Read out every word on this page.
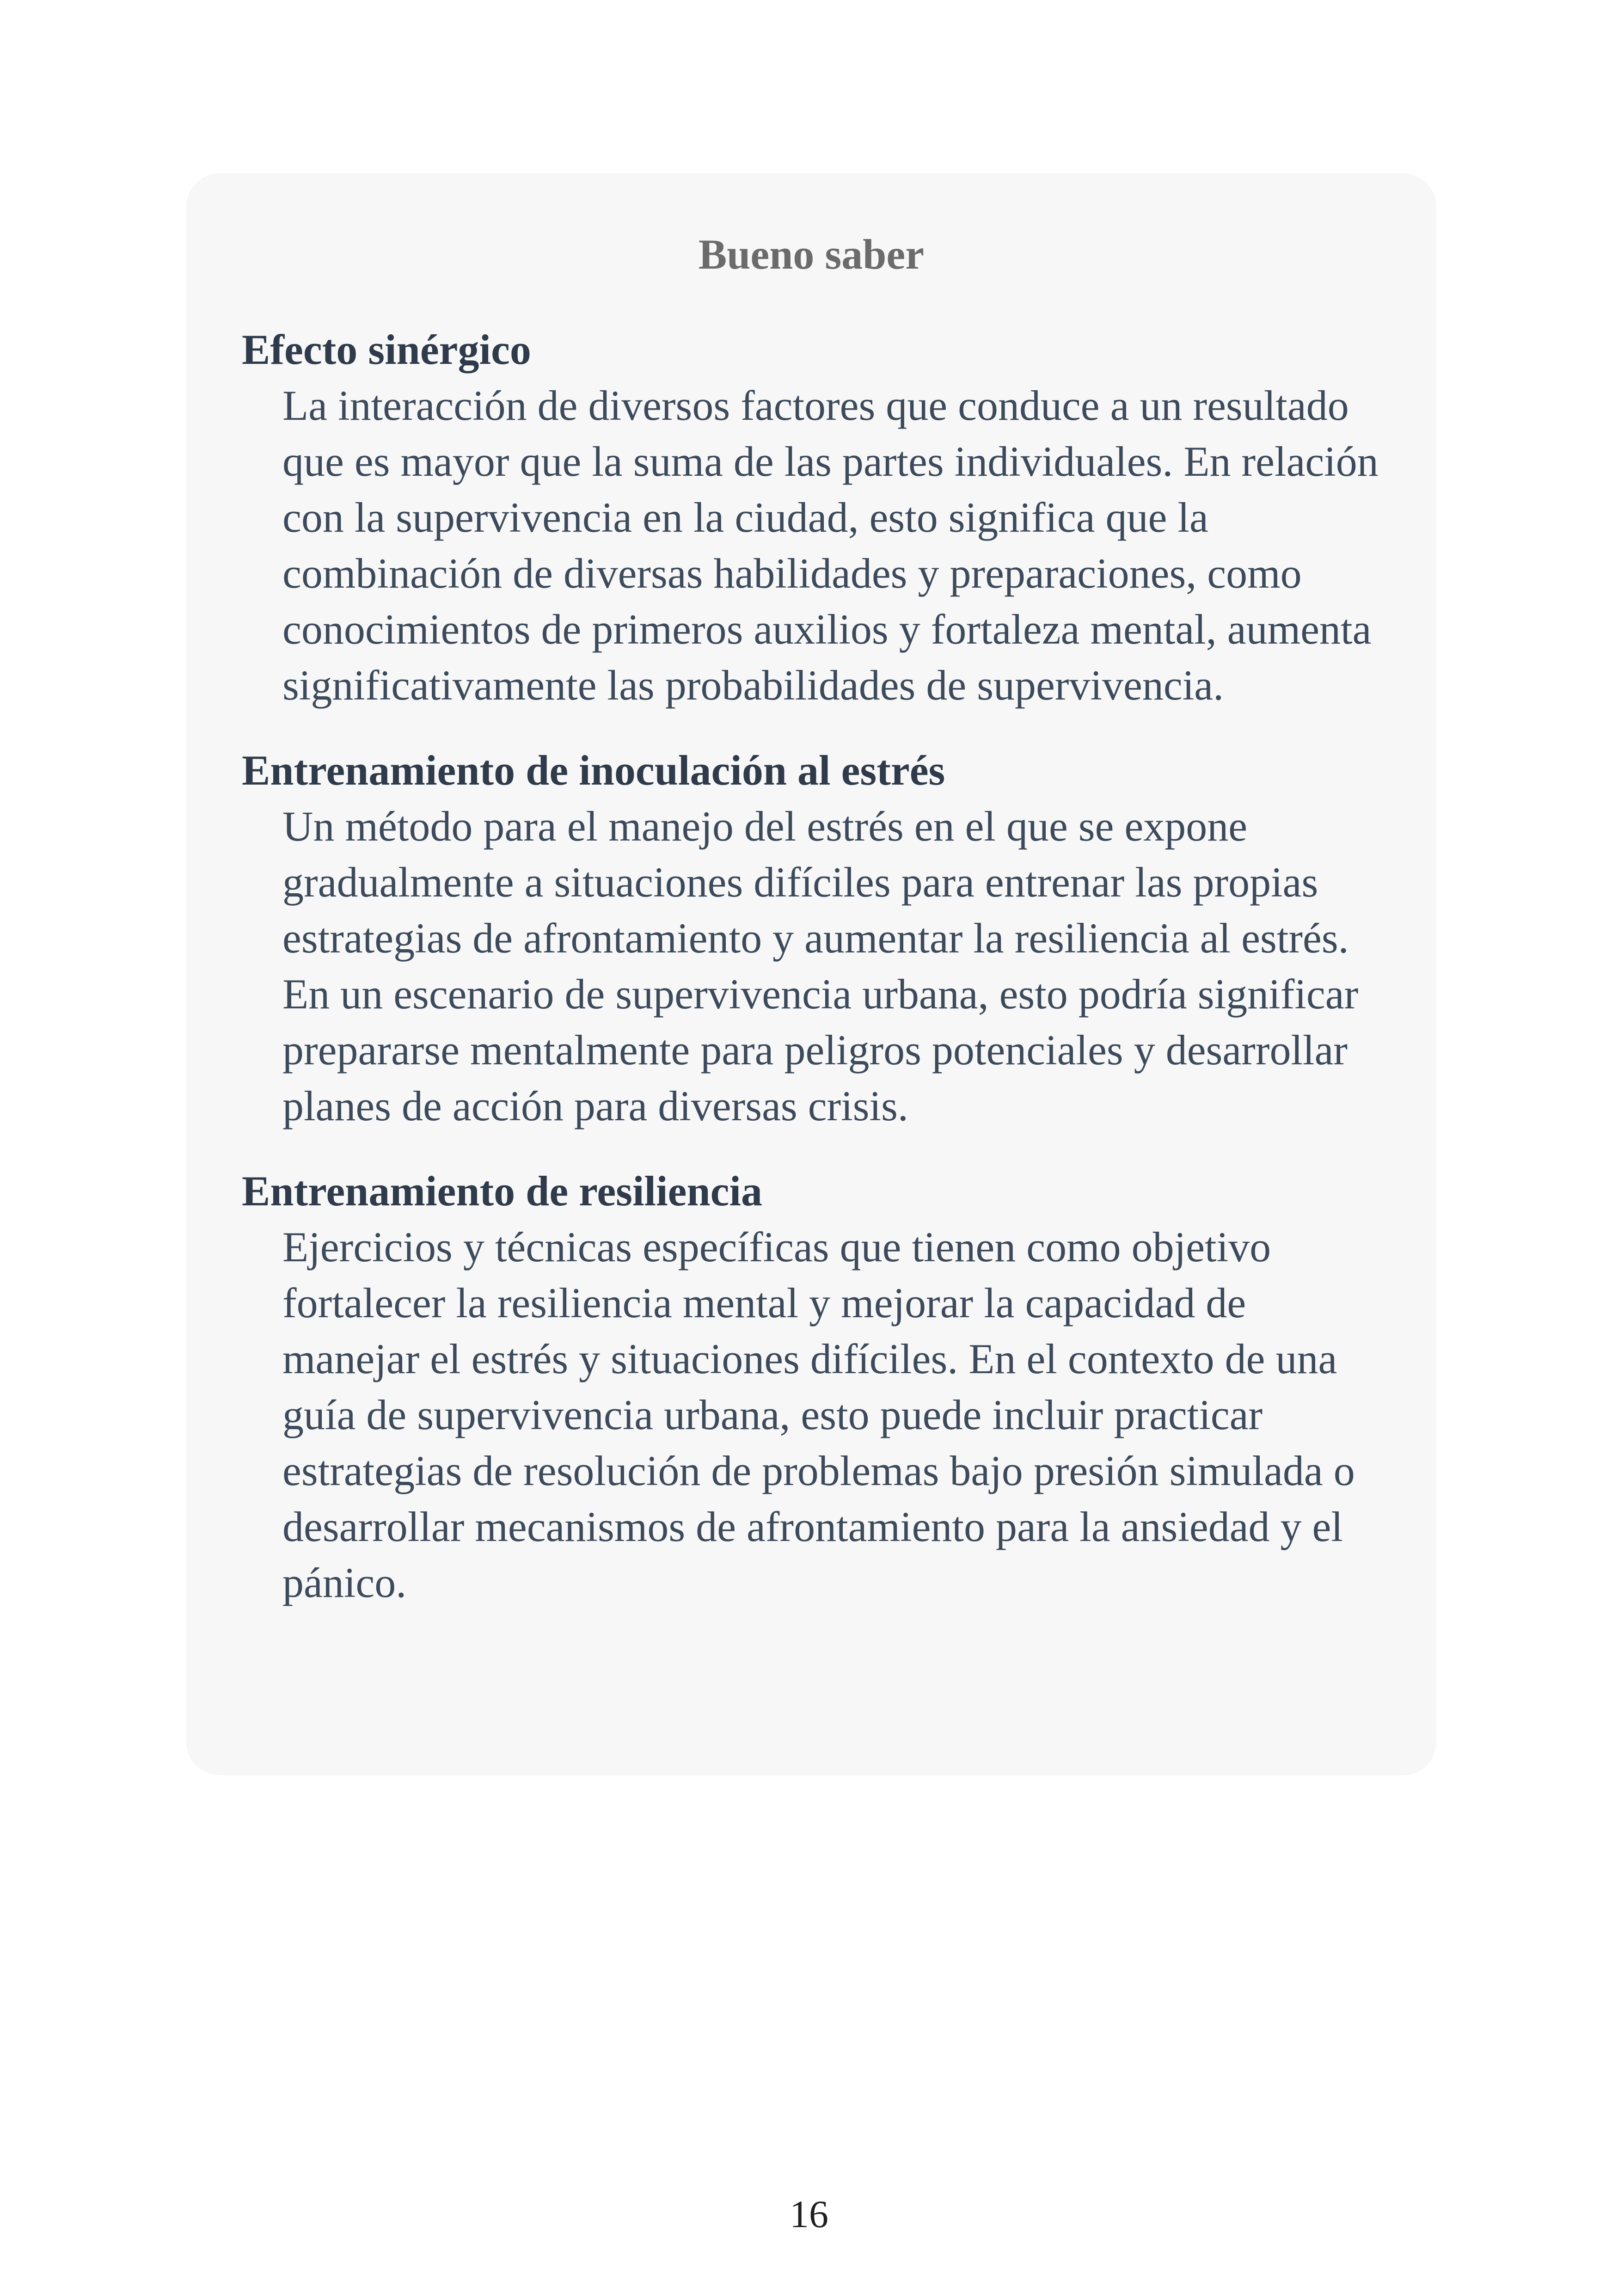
Bueno saber
Efecto sinérgico
La interacción de diversos factores que conduce a un resultado que es mayor que la suma de las partes individuales. En relación con la supervivencia en la ciudad, esto significa que la combinación de diversas habilidades y preparaciones, como conocimientos de primeros auxilios y fortaleza mental, aumenta significativamente las probabilidades de supervivencia.
Entrenamiento de inoculación al estrés
Un método para el manejo del estrés en el que se expone gradualmente a situaciones difíciles para entrenar las propias estrategias de afrontamiento y aumentar la resiliencia al estrés. En un escenario de supervivencia urbana, esto podría significar prepararse mentalmente para peligros potenciales y desarrollar planes de acción para diversas crisis.
Entrenamiento de resiliencia
Ejercicios y técnicas específicas que tienen como objetivo fortalecer la resiliencia mental y mejorar la capacidad de manejar el estrés y situaciones difíciles. En el contexto de una guía de supervivencia urbana, esto puede incluir practicar estrategias de resolución de problemas bajo presión simulada o desarrollar mecanismos de afrontamiento para la ansiedad y el pánico.
16
